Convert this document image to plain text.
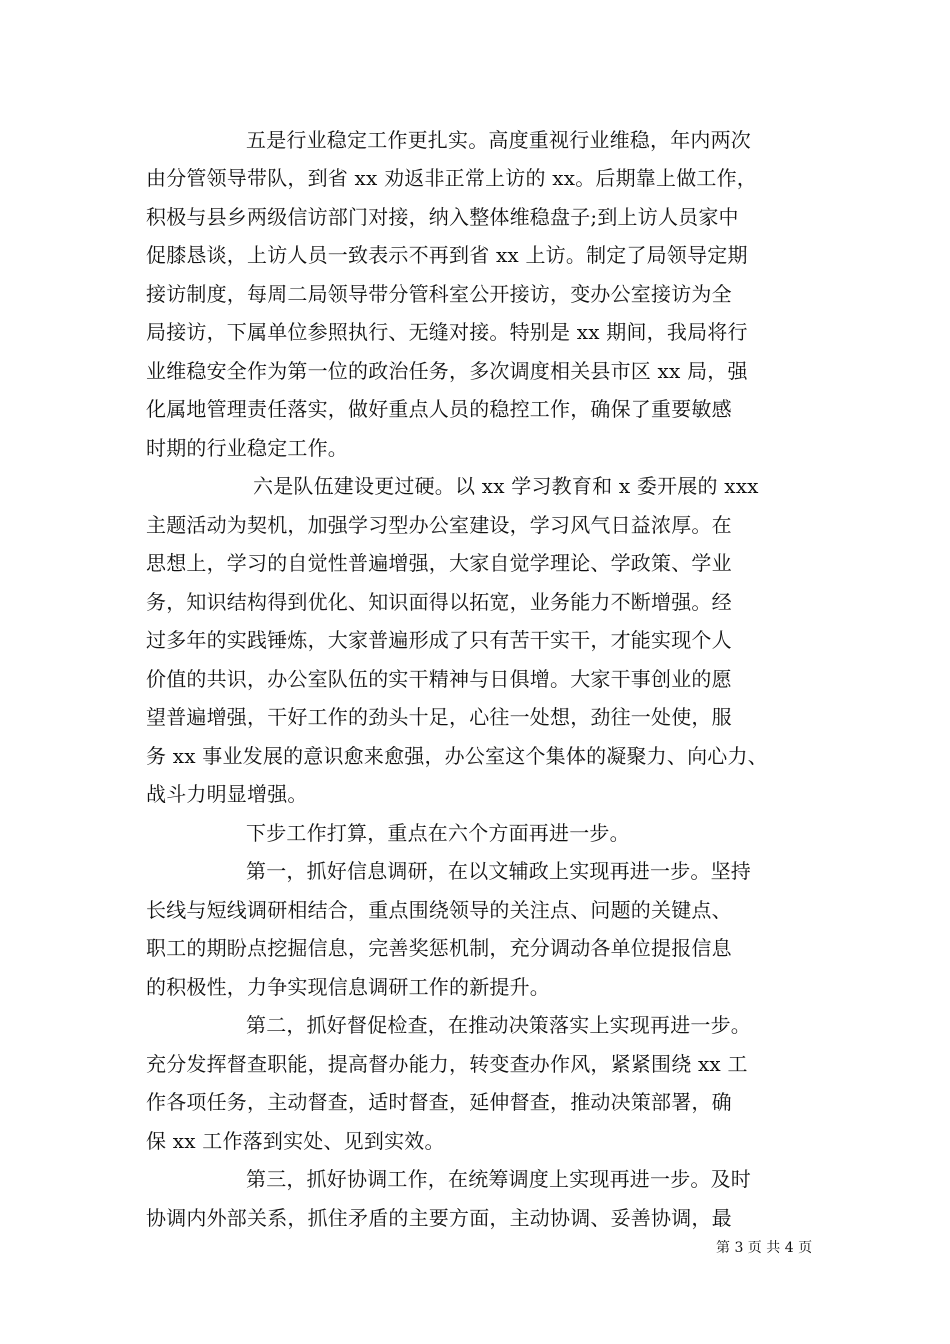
五是行业稳定工作更扎实。高度重视行业维稳，年内两次
由分管领导带队，到省 xx 劝返非正常上访的 xx。后期靠上做工作，
积极与县乡两级信访部门对接，纳入整体维稳盘子;到上访人员家中
促膝恳谈，上访人员一致表示不再到省 xx 上访。制定了局领导定期
接访制度，每周二局领导带分管科室公开接访，变办公室接访为全
局接访，下属单位参照执行、无缝对接。特别是 xx 期间，我局将行
业维稳安全作为第一位的政治任务，多次调度相关县市区 xx 局，强
化属地管理责任落实，做好重点人员的稳控工作，确保了重要敏感
时期的行业稳定工作。
六是队伍建设更过硬。以 xx 学习教育和 x 委开展的 xxx
主题活动为契机，加强学习型办公室建设，学习风气日益浓厚。在
思想上，学习的自觉性普遍增强，大家自觉学理论、学政策、学业
务，知识结构得到优化、知识面得以拓宽，业务能力不断增强。经
过多年的实践锤炼，大家普遍形成了只有苦干实干，才能实现个人
价值的共识，办公室队伍的实干精神与日俱增。大家干事创业的愿
望普遍增强，干好工作的劲头十足，心往一处想，劲往一处使，服
务 xx 事业发展的意识愈来愈强，办公室这个集体的凝聚力、向心力、
战斗力明显增强。
下步工作打算，重点在六个方面再进一步。
第一，抓好信息调研，在以文辅政上实现再进一步。坚持
长线与短线调研相结合，重点围绕领导的关注点、问题的关键点、
职工的期盼点挖掘信息，完善奖惩机制，充分调动各单位提报信息
的积极性，力争实现信息调研工作的新提升。
第二，抓好督促检查，在推动决策落实上实现再进一步。
充分发挥督查职能，提高督办能力，转变查办作风，紧紧围绕 xx 工
作各项任务，主动督查，适时督查，延伸督查，推动决策部署，确
保 xx 工作落到实处、见到实效。
第三，抓好协调工作，在统筹调度上实现再进一步。及时
协调内外部关系，抓住矛盾的主要方面，主动协调、妥善协调，最
第 3 页 共 4 页
